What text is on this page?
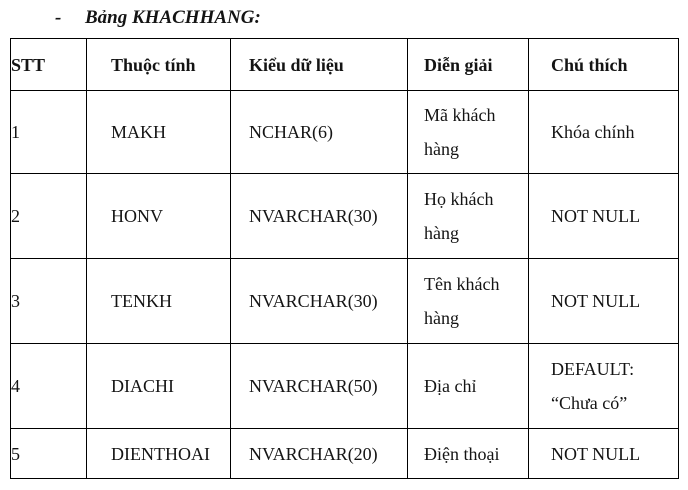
-	Bảng KHACHHANG:
STT	Thuộc tính	Kiểu dữ liệu	Diễn giải	Chú thích
1	MAKH	NCHAR(6)	Mã khách hàng	Khóa chính
2	HONV	NVARCHAR(30)	Họ khách hàng	NOT NULL
3	TENKH	NVARCHAR(30)	Tên khách hàng	NOT NULL
4	DIACHI	NVARCHAR(50)	Địa chỉ	DEFAULT: “Chưa có”
5	DIENTHOAI	NVARCHAR(20)	Điện thoại	NOT NULL
